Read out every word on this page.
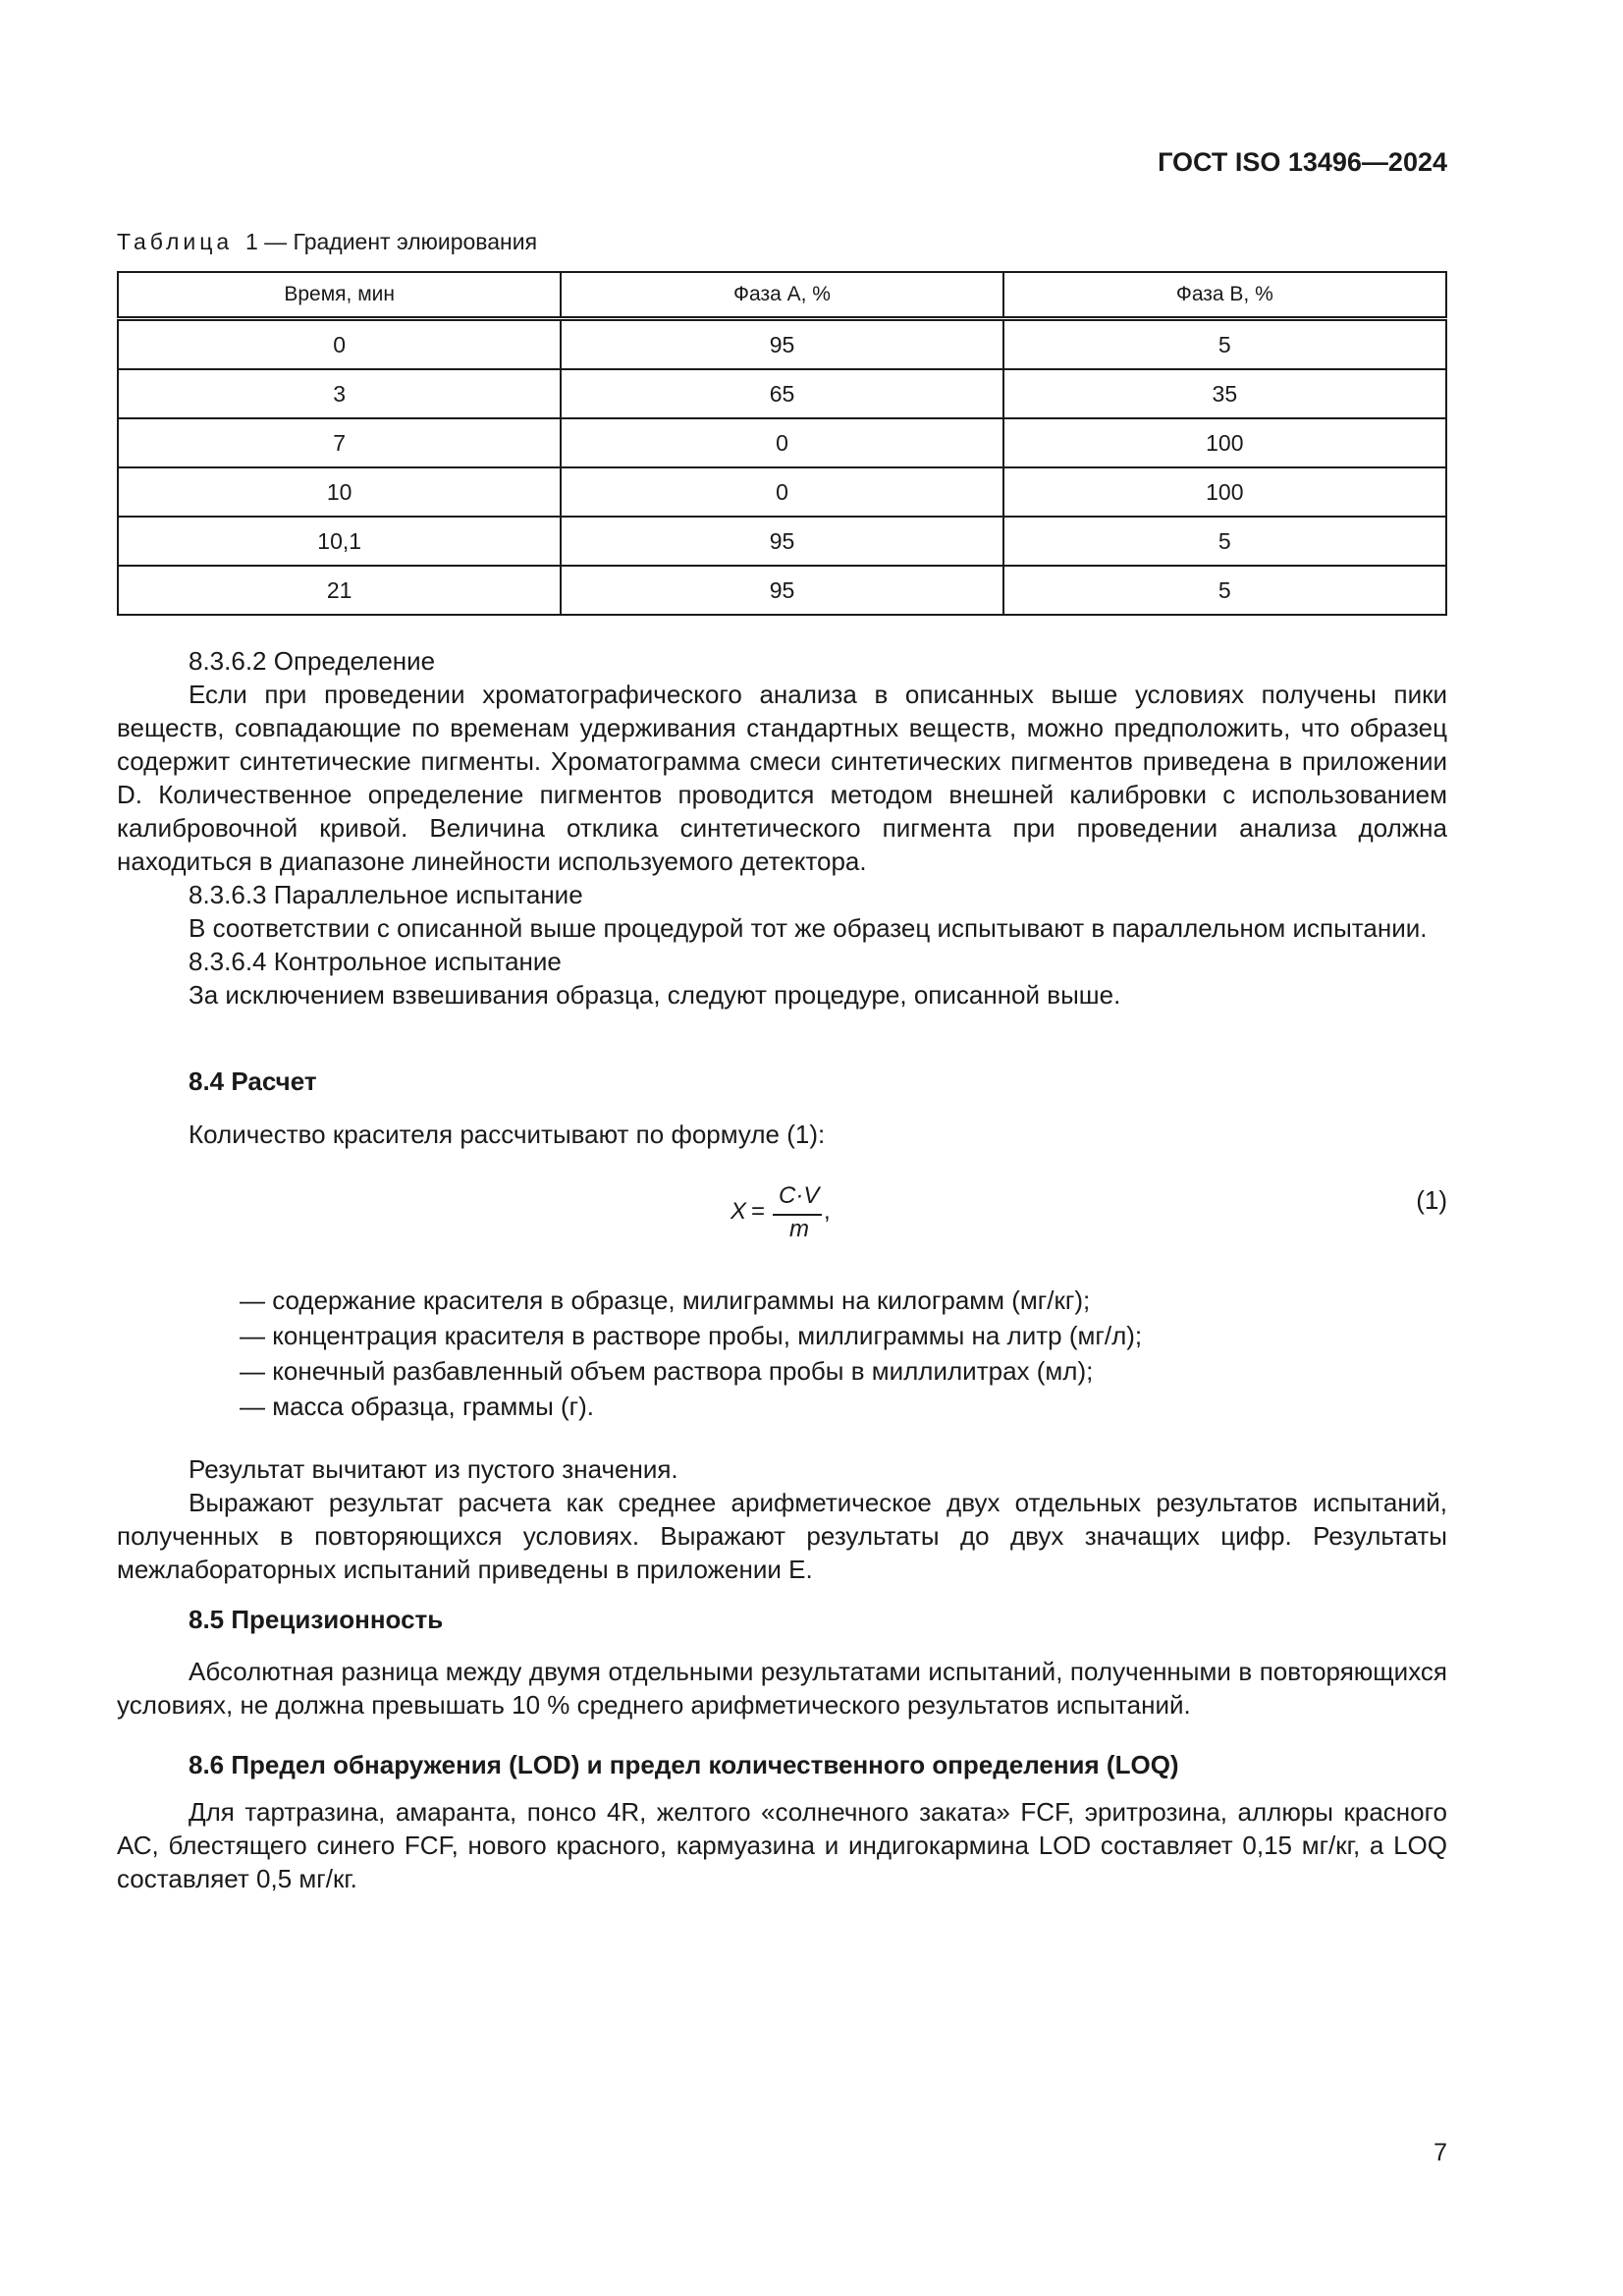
ГОСТ ISO 13496—2024
Таблица 1 — Градиент элюирования
Время, мин	Фаза А, %	Фаза В, %
0	95	5
3	65	35
7	0	100
10	0	100
10,1	95	5
21	95	5

8.3.6.2 Определение

Если при проведении хроматографического анализа в описанных выше условиях получены пики веществ, совпадающие по временам удерживания стандартных веществ, можно предположить, что образец содержит синтетические пигменты. Хроматограмма смеси синтетических пигментов приведена в приложении D. Количественное определение пигментов проводится методом внешней калибровки с использованием калибровочной кривой. Величина отклика синтетического пигмента при проведении анализа должна находиться в диапазоне линейности используемого детектора.

8.3.6.3 Параллельное испытание

В соответствии с описанной выше процедурой тот же образец испытывают в параллельном испытании.

8.3.6.4 Контрольное испытание

За исключением взвешивания образца, следуют процедуре, описанной выше.

8.4 Расчет

Количество красителя рассчитывают по формуле (1):

X =
C·V
m
,	(1)
— содержание красителя в образце, милиграммы на килограмм (мг/кг);
— концентрация красителя в растворе пробы, миллиграммы на литр (мг/л);
— конечный разбавленный объем раствора пробы в миллилитрах (мл);
— масса образца, граммы (г).

Результат вычитают из пустого значения.

Выражают результат расчета как среднее арифметическое двух отдельных результатов испытаний, полученных в повторяющихся условиях. Выражают результаты до двух значащих цифр. Результаты межлабораторных испытаний приведены в приложении Е.

8.5 Прецизионность

Абсолютная разница между двумя отдельными результатами испытаний, полученными в повторяющихся условиях, не должна превышать 10 % среднего арифметического результатов испытаний.

8.6 Предел обнаружения (LOD) и предел количественного определения (LOQ)

Для тартразина, амаранта, понсо 4R, желтого «солнечного заката» FCF, эритрозина, аллюры красного АС, блестящего синего FCF, нового красного, кармуазина и индигокармина LOD составляет 0,15 мг/кг, а LOQ составляет 0,5 мг/кг.

7
